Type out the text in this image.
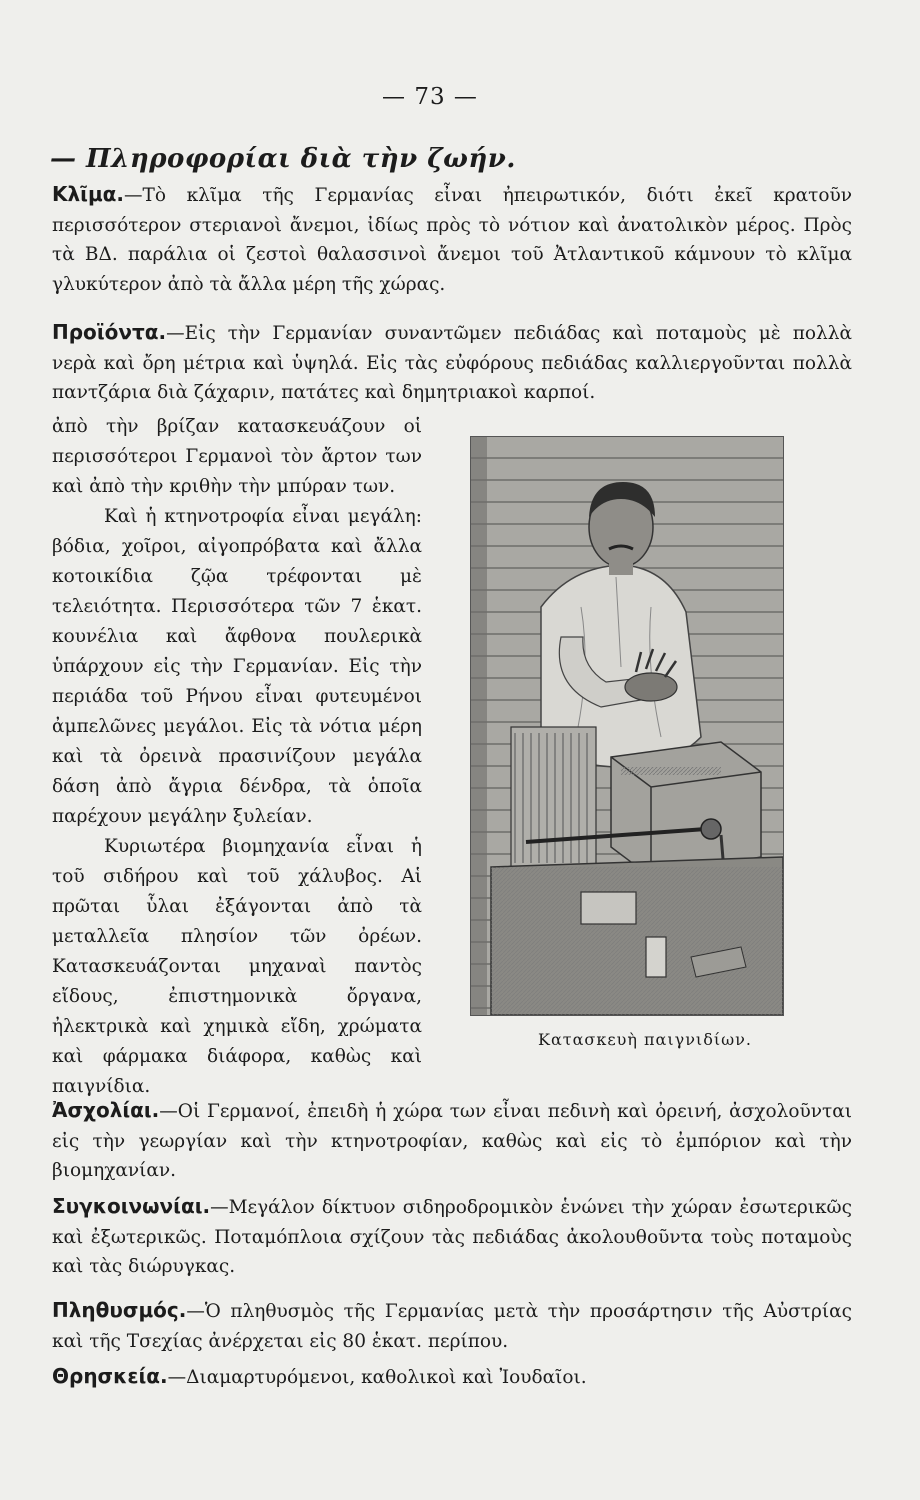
— 73 —
— Πληροφορίαι διὰ τὴν ζωήν.
Κλῖμα.—Τὸ κλῖμα τῆς Γερμανίας εἶναι ἠπειρωτικόν, διότι ἐκεῖ κρατοῦν περισσότερον στεριανοὶ ἄνεμοι, ἰδίως πρὸς τὸ νότιον καὶ ἀνατολικὸν μέρος. Πρὸς τὰ ΒΔ. παράλια οἱ ζεστοὶ θαλασσινοὶ ἄνεμοι τοῦ Ἀτλαντικοῦ κάμνουν τὸ κλῖμα γλυκύτερον ἀπὸ τὰ ἄλλα μέρη τῆς χώρας.
Προϊόντα.—Εἰς τὴν Γερμανίαν συναντῶμεν πεδιάδας καὶ ποταμοὺς μὲ πολλὰ νερὰ καὶ ὄρη μέτρια καὶ ὑψηλά. Εἰς τὰς εὐφόρους πεδιάδας καλλιεργοῦνται πολλὰ παντζάρια διὰ ζάχαριν, πατάτες καὶ δημητριακοὶ καρποί.

ἀπὸ τὴν βρίζαν κατασκευάζουν οἱ περισσότεροι Γερμανοὶ τὸν ἄρτον των καὶ ἀπὸ τὴν κριθὴν τὴν μπύραν των.

Καὶ ἡ κτηνοτροφία εἶναι μεγάλη: βόδια, χοῖροι, αἰγοπρόβατα καὶ ἄλλα κοτοικίδια ζῷα τρέφονται μὲ τελειότητα. Περισσότερα τῶν 7 ἑκατ. κουνέλια καὶ ἄφθονα πουλερικὰ ὑπάρχουν εἰς τὴν Γερμανίαν. Εἰς τὴν περιάδα τοῦ Ρήνου εἶναι φυτευμένοι ἀμπελῶνες μεγάλοι. Εἰς τὰ νότια μέρη καὶ τὰ ὀρεινὰ πρασινίζουν μεγάλα δάση ἀπὸ ἄγρια δένδρα, τὰ ὁποῖα παρέχουν μεγάλην ξυλείαν.

Κυριωτέρα βιομηχανία εἶναι ἡ τοῦ σιδήρου καὶ τοῦ χάλυβος. Αἱ πρῶται ὗλαι ἐξάγονται ἀπὸ τὰ μεταλλεῖα πλησίον τῶν ὀρέων. Κατασκευάζονται μηχαναὶ παντὸς εἴδους, ἐπιστημονικὰ ὄργανα, ἠλεκτρικὰ καὶ χημικὰ εἴδη, χρώματα καὶ φάρμακα διάφορα, καθὼς καὶ παιγνίδια.

Κατασκευὴ παιγνιδίων.
Ἀσχολίαι.—Οἱ Γερμανοί, ἐπειδὴ ἡ χώρα των εἶναι πεδινὴ καὶ ὀρεινή, ἀσχολοῦνται εἰς τὴν γεωργίαν καὶ τὴν κτηνοτροφίαν, καθὼς καὶ εἰς τὸ ἐμπόριον καὶ τὴν βιομηχανίαν.
Συγκοινωνίαι.—Μεγάλον δίκτυον σιδηροδρομικὸν ἑνώνει τὴν χώραν ἐσωτερικῶς καὶ ἐξωτερικῶς. Ποταμόπλοια σχίζουν τὰς πεδιάδας ἀκολουθοῦντα τοὺς ποταμοὺς καὶ τὰς διώρυγκας.
Πληθυσμός.—Ὁ πληθυσμὸς τῆς Γερμανίας μετὰ τὴν προσάρτησιν τῆς Αὐστρίας καὶ τῆς Τσεχίας ἀνέρχεται εἰς 80 ἑκατ. περίπου.
Θρησκεία.—Διαμαρτυρόμενοι, καθολικοὶ καὶ Ἰουδαῖοι.
